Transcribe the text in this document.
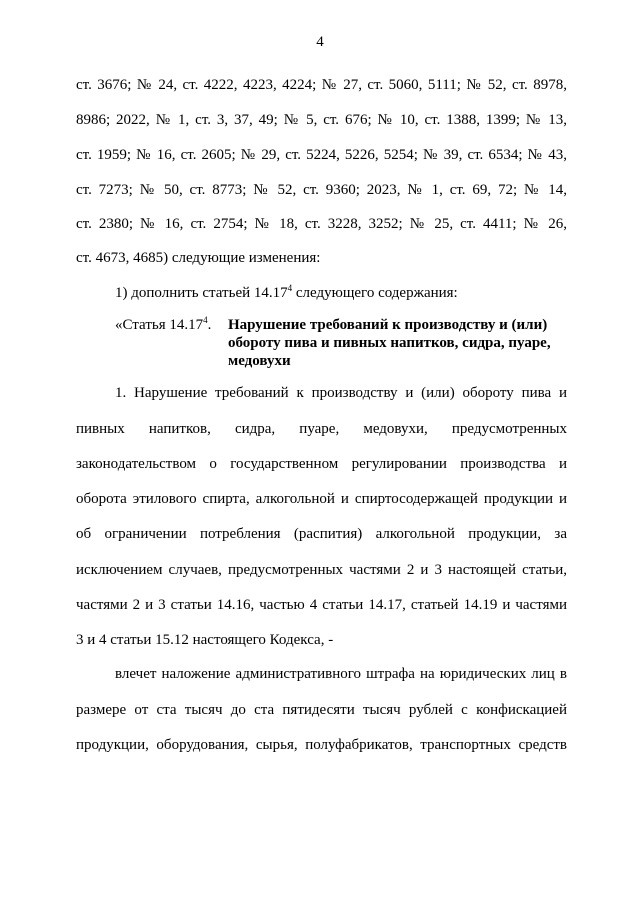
4
ст. 3676; № 24, ст. 4222, 4223, 4224; № 27, ст. 5060, 5111; № 52, ст. 8978,
8986; 2022, № 1, ст. 3, 37, 49; № 5, ст. 676; № 10, ст. 1388, 1399; № 13,
ст. 1959; № 16, ст. 2605; № 29, ст. 5224, 5226, 5254; № 39, ст. 6534; № 43,
ст. 7273; № 50, ст. 8773; № 52, ст. 9360; 2023, № 1, ст. 69, 72; № 14,
ст. 2380; № 16, ст. 2754; № 18, ст. 3228, 3252; № 25, ст. 4411; № 26,
ст. 4673, 4685) следующие изменения:
1) дополнить статьей 14.17$^4$ следующего содержания:
«Статья 14.17$^4$. Нарушение требований к производству и (или) обороту пива и пивных напитков, сидра, пуаре, медовухи
1. Нарушение требований к производству и (или) обороту пива и
пивных напитков, сидра, пуаре, медовухи, предусмотренных
законодательством о государственном регулировании производства и
оборота этилового спирта, алкогольной и спиртосодержащей продукции и
об ограничении потребления (распития) алкогольной продукции, за
исключением случаев, предусмотренных частями 2 и 3 настоящей статьи,
частями 2 и 3 статьи 14.16, частью 4 статьи 14.17, статьей 14.19 и частями
3 и 4 статьи 15.12 настоящего Кодекса, -
влечет наложение административного штрафа на юридических лиц в
размере от ста тысяч до ста пятидесяти тысяч рублей с конфискацией
продукции, оборудования, сырья, полуфабрикатов, транспортных средств
